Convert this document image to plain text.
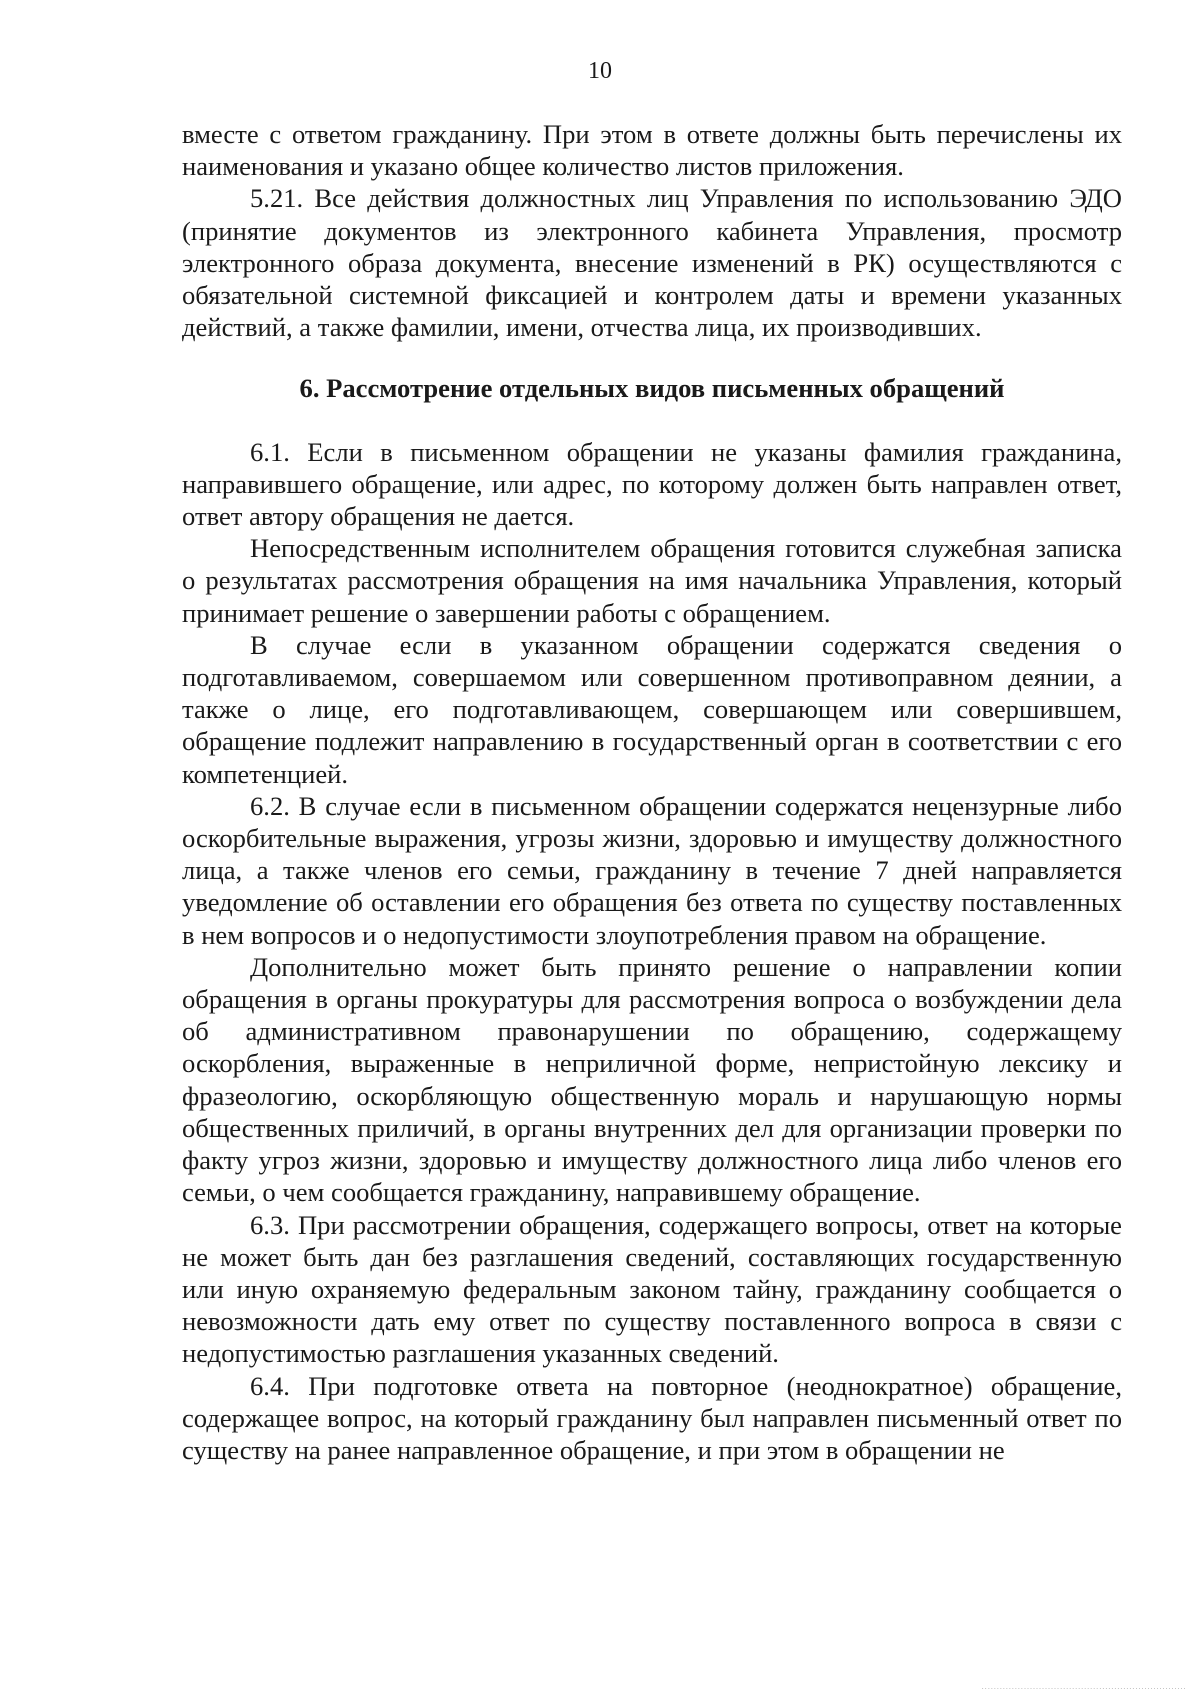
10

вместе с ответом гражданину. При этом в ответе должны быть перечислены их наименования и указано общее количество листов приложения.

5.21. Все действия должностных лиц Управления по использованию ЭДО (принятие документов из электронного кабинета Управления, просмотр электронного образа документа, внесение изменений в РК) осуществляются с обязательной системной фиксацией и контролем даты и времени указанных действий, а также фамилии, имени, отчества лица, их производивших.

6. Рассмотрение отдельных видов письменных обращений

6.1. Если в письменном обращении не указаны фамилия гражданина, направившего обращение, или адрес, по которому должен быть направлен ответ, ответ автору обращения не дается.

Непосредственным исполнителем обращения готовится служебная записка о результатах рассмотрения обращения на имя начальника Управления, который принимает решение о завершении работы с обращением.

В случае если в указанном обращении содержатся сведения о подготавливаемом, совершаемом или совершенном противоправном деянии, а также о лице, его подготавливающем, совершающем или совершившем, обращение подлежит направлению в государственный орган в соответствии с его компетенцией.

6.2. В случае если в письменном обращении содержатся нецензурные либо оскорбительные выражения, угрозы жизни, здоровью и имуществу должностного лица, а также членов его семьи, гражданину в течение 7 дней направляется уведомление об оставлении его обращения без ответа по существу поставленных в нем вопросов и о недопустимости злоупотребления правом на обращение.

Дополнительно может быть принято решение о направлении копии обращения в органы прокуратуры для рассмотрения вопроса о возбуждении дела об административном правонарушении по обращению, содержащему оскорбления, выраженные в неприличной форме, непристойную лексику и фразеологию, оскорбляющую общественную мораль и нарушающую нормы общественных приличий, в органы внутренних дел для организации проверки по факту угроз жизни, здоровью и имуществу должностного лица либо членов его семьи, о чем сообщается гражданину, направившему обращение.

6.3. При рассмотрении обращения, содержащего вопросы, ответ на которые не может быть дан без разглашения сведений, составляющих государственную или иную охраняемую федеральным законом тайну, гражданину сообщается о невозможности дать ему ответ по существу поставленного вопроса в связи с недопустимостью разглашения указанных сведений.

6.4. При подготовке ответа на повторное (неоднократное) обращение, содержащее вопрос, на который гражданину был направлен письменный ответ по существу на ранее направленное обращение, и при этом в обращении не

....................................................................
